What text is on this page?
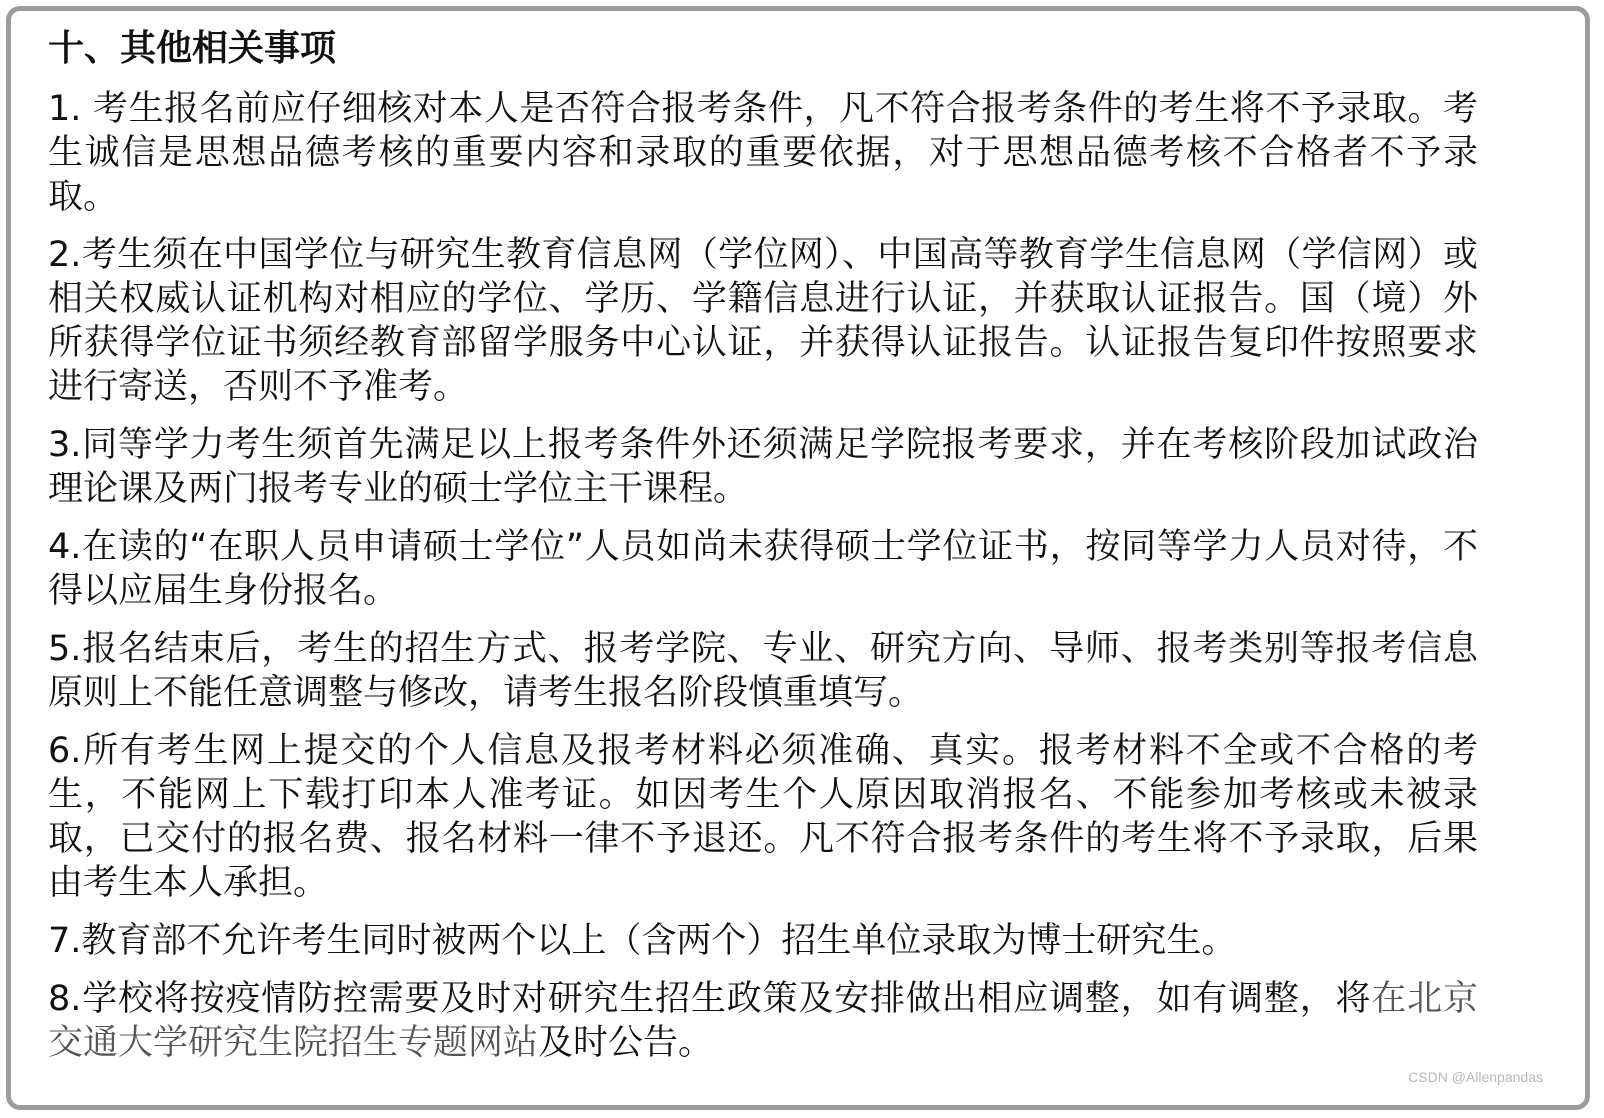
十、其他相关事项

1. 考生报名前应仔细核对本人是否符合报考条件，凡不符合报考条件的考生将不予录取。考生诚信是思想品德考核的重要内容和录取的重要依据，对于思想品德考核不合格者不予录取。

2.考生须在中国学位与研究生教育信息网（学位网）、中国高等教育学生信息网（学信网）或相关权威认证机构对相应的学位、学历、学籍信息进行认证，并获取认证报告。国（境）外所获得学位证书须经教育部留学服务中心认证，并获得认证报告。认证报告复印件按照要求进行寄送，否则不予准考。

3.同等学力考生须首先满足以上报考条件外还须满足学院报考要求，并在考核阶段加试政治理论课及两门报考专业的硕士学位主干课程。

4.在读的“在职人员申请硕士学位”人员如尚未获得硕士学位证书，按同等学力人员对待，不得以应届生身份报名。

5.报名结束后，考生的招生方式、报考学院、专业、研究方向、导师、报考类别等报考信息原则上不能任意调整与修改，请考生报名阶段慎重填写。

6.所有考生网上提交的个人信息及报考材料必须准确、真实。报考材料不全或不合格的考生，不能网上下载打印本人准考证。如因考生个人原因取消报名、不能参加考核或未被录取，已交付的报名费、报名材料一律不予退还。凡不符合报考条件的考生将不予录取，后果由考生本人承担。

7.教育部不允许考生同时被两个以上（含两个）招生单位录取为博士研究生。

8.学校将按疫情防控需要及时对研究生招生政策及安排做出相应调整，如有调整，将在北京交通大学研究生院招生专题网站及时公告。

CSDN @Allenpandas
